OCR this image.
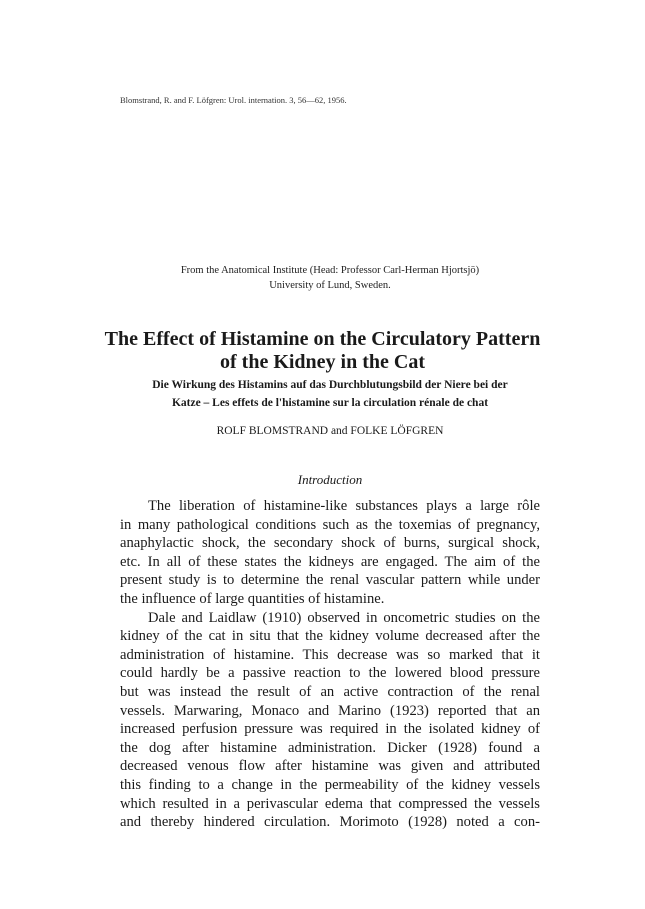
Blomstrand, R. and F. Löfgren: Urol. internation. 3, 56—62, 1956.
From the Anatomical Institute (Head: Professor Carl-Herman Hjortsjö)
University of Lund, Sweden.
The Effect of Histamine on the Circulatory Pattern
of the Kidney in the Cat
Die Wirkung des Histamins auf das Durchblutungsbild der Niere bei der
Katze – Les effets de l'histamine sur la circulation rénale de chat
ROLF BLOMSTRAND and FOLKE LÖFGREN
Introduction
The liberation of histamine-like substances plays a large rôle
in many pathological conditions such as the toxemias of pregnancy,
anaphylactic shock, the secondary shock of burns, surgical shock,
etc. In all of these states the kidneys are engaged. The aim of the
present study is to determine the renal vascular pattern while under
the influence of large quantities of histamine.
Dale and Laidlaw (1910) observed in oncometric studies on the
kidney of the cat in situ that the kidney volume decreased after the
administration of histamine. This decrease was so marked that it
could hardly be a passive reaction to the lowered blood pressure
but was instead the result of an active contraction of the renal
vessels. Marwaring, Monaco and Marino (1923) reported that an
increased perfusion pressure was required in the isolated kidney of
the dog after histamine administration. Dicker (1928) found a
decreased venous flow after histamine was given and attributed
this finding to a change in the permeability of the kidney vessels
which resulted in a perivascular edema that compressed the vessels
and thereby hindered circulation. Morimoto (1928) noted a con-
